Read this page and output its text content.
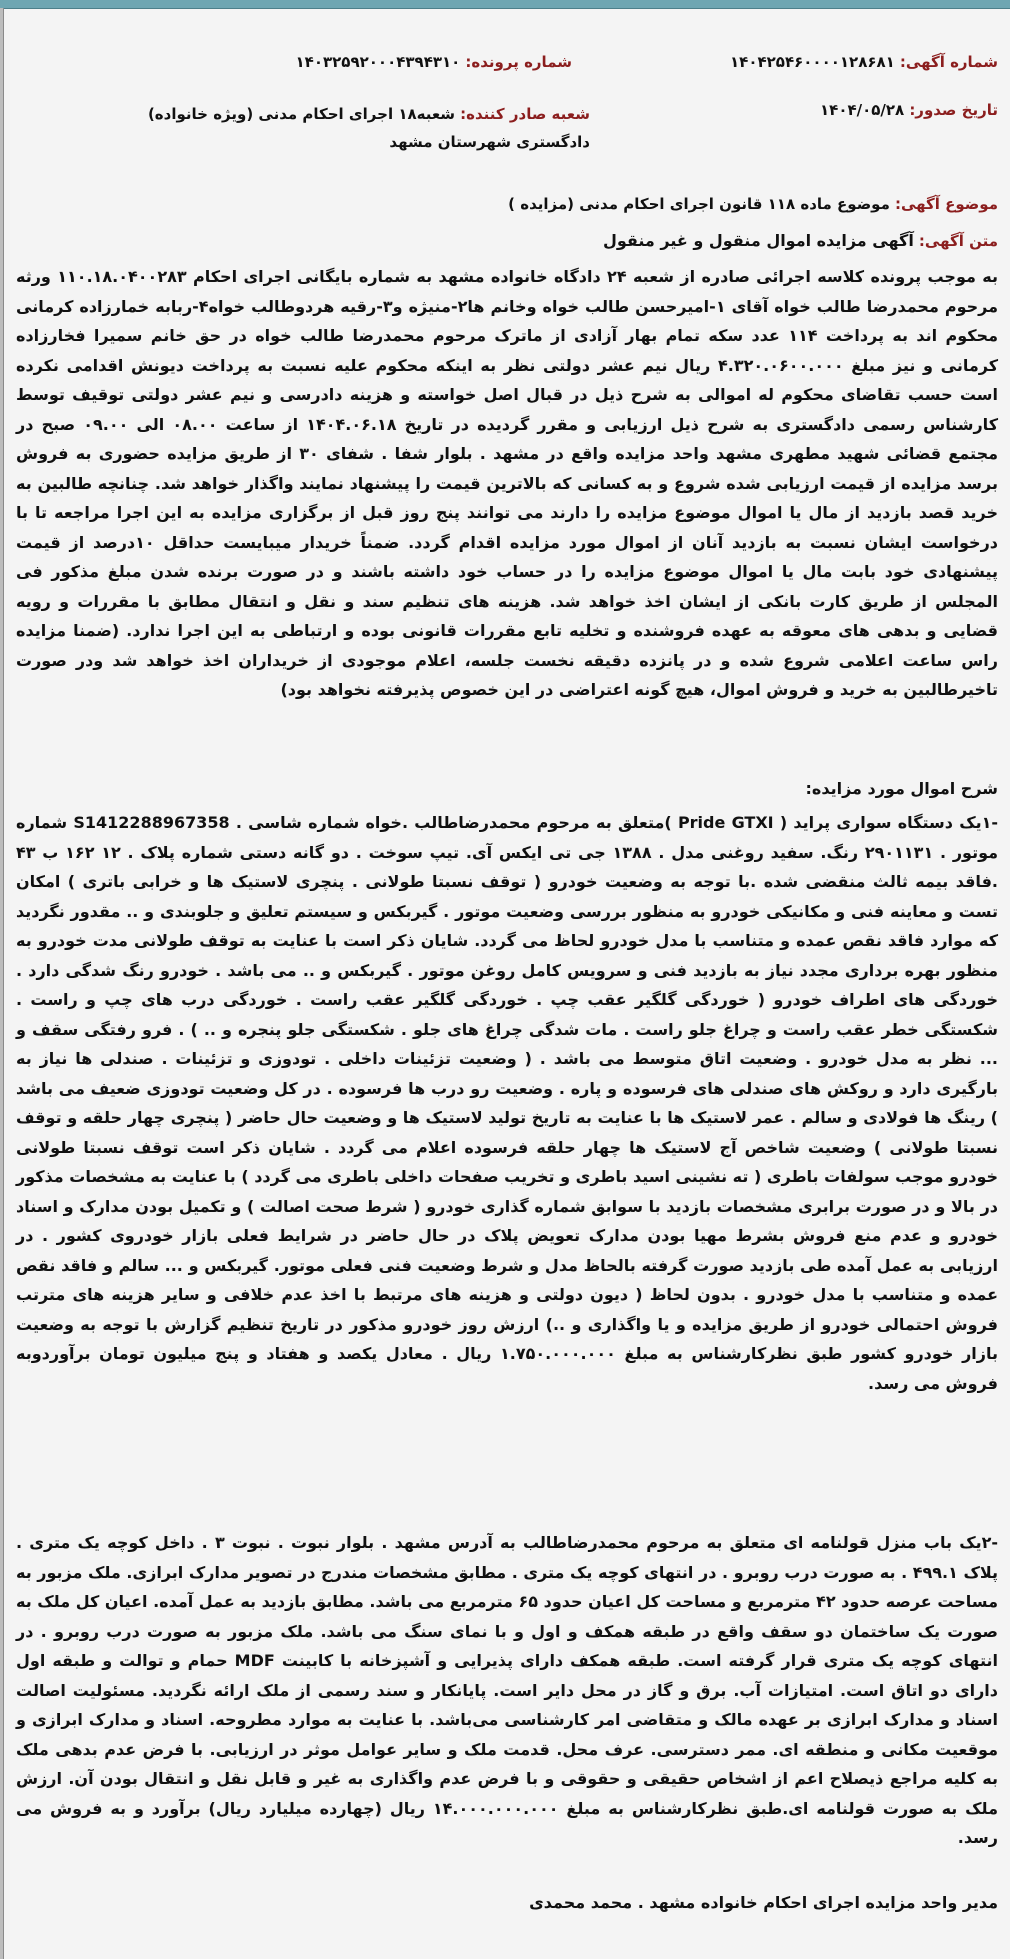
شماره آگهی: ۱۴۰۴۲۵۴۶۰۰۰۰۱۲۸۶۸۱
شماره پرونده: ۱۴۰۳۲۵۹۲۰۰۰۴۳۹۴۳۱۰
تاریخ صدور: ۱۴۰۴/۰۵/۲۸
شعبه صادر کننده: شعبه۱۸ اجرای احکام مدنی (ویژه خانواده) دادگستری شهرستان مشهد
موضوع آگهی: موضوع ماده ۱۱۸ قانون اجرای احکام مدنی (مزایده )
متن آگهی: آگهی مزایده اموال منقول و غیر منقول
به موجب پرونده کلاسه اجرائی صادره از شعبه ۲۴ دادگاه خانواده مشهد به شماره بایگانی اجرای احکام ۱۱۰.۱۸.۰۴۰۰۲۸۳ ورثه مرحوم محمدرضا طالب خواه آقای ۱-امیرحسن طالب خواه وخانم ها۲-منیژه و۳-رقیه هردوطالب خواه۴-ربابه خمارزاده کرمانی محکوم اند به پرداخت ۱۱۴ عدد سکه تمام بهار آزادی از ماترک مرحوم محمدرضا طالب خواه در حق خانم سمیرا فخارزاده کرمانی و نیز مبلغ ۴.۳۲۰.۰۶۰۰.۰۰۰ ریال نیم عشر دولتی نظر به اینکه محکوم علیه نسبت به پرداخت دیونش اقدامی نکرده است حسب تقاضای محکوم له اموالی به شرح ذیل در قبال اصل خواسته و هزینه دادرسی و نیم عشر دولتی توقیف توسط کارشناس رسمی دادگستری به شرح ذیل ارزیابی و مقرر گردیده در تاریخ ۱۴۰۴.۰۶.۱۸ از ساعت ۰۸.۰۰ الی ۰۹.۰۰ صبح در مجتمع قضائی شهید مطهری مشهد واحد مزایده واقع در مشهد . بلوار شفا . شفای ۳۰ از طریق مزایده حضوری به فروش برسد مزایده از قیمت ارزیابی شده شروع و به کسانی که بالاترین قیمت را پیشنهاد نمایند واگذار خواهد شد. چنانچه طالبین به خرید قصد بازدید از مال یا اموال موضوع مزایده را دارند می توانند پنج روز قبل از برگزاری مزایده به این اجرا مراجعه تا با درخواست ایشان نسبت به بازدید آنان از اموال مورد مزایده اقدام گردد. ضمناً خریدار میبایست حداقل ۱۰درصد از قیمت پیشنهادی خود بابت مال یا اموال موضوع مزایده را در حساب خود داشته باشند و در صورت برنده شدن مبلغ مذکور فی المجلس از طریق کارت بانکی از ایشان اخذ خواهد شد. هزینه های تنظیم سند و نقل و انتقال مطابق با مقررات و رویه قضایی و بدهی های معوقه به عهده فروشنده و تخلیه تابع مقررات قانونی بوده و ارتباطی به این اجرا ندارد. (ضمنا مزایده راس ساعت اعلامی شروع شده و در پانزده دقیقه نخست جلسه، اعلام موجودی از خریداران اخذ خواهد شد ودر صورت تاخیرطالبین به خرید و فروش اموال، هیچ گونه اعتراضی در این خصوص پذیرفته نخواهد بود)
شرح اموال مورد مزایده:
-۱یک دستگاه سواری پراید ( Pride GTXI )متعلق به مرحوم محمدرضاطالب .خواه شماره شاسی . S1412288967358 شماره موتور . ۲۹۰۱۱۳۱ رنگ. سفید روغنی مدل . ۱۳۸۸ جی تی ایکس آی. تیپ سوخت . دو گانه دستی شماره پلاک . ۱۲ ۱۶۲ ب ۴۳ .فاقد بیمه ثالث منقضی شده .با توجه به وضعیت خودرو ( توقف نسبتا طولانی . پنچری لاستیک ها و خرابی باتری ) امکان تست و معاینه فنی و مکانیکی خودرو به منظور بررسی وضعیت موتور . گیربکس و سیستم تعلیق و جلوبندی و .. مقدور نگردید که موارد فاقد نقص عمده و متناسب با مدل خودرو لحاظ می گردد. شایان ذکر است با عنایت به توقف طولانی مدت خودرو به منظور بهره برداری مجدد نیاز به بازدید فنی و سرویس کامل روغن موتور . گیربکس و .. می باشد . خودرو رنگ شدگی دارد . خوردگی های اطراف خودرو ( خوردگی گلگیر عقب چپ . خوردگی گلگیر عقب راست . خوردگی درب های چپ و راست . شکستگی خطر عقب راست و چراغ جلو راست . مات شدگی چراغ های جلو . شکستگی جلو پنجره و .. ) . فرو رفتگی سقف و ... نظر به مدل خودرو . وضعیت اتاق متوسط می باشد . ( وضعیت تزئینات داخلی . تودوزی و تزئینات . صندلی ها نیاز به بارگیری دارد و روکش های صندلی های فرسوده و پاره . وضعیت رو درب ها فرسوده . در کل وضعیت تودوزی ضعیف می باشد ) رینگ ها فولادی و سالم . عمر لاستیک ها با عنایت به تاریخ تولید لاستیک ها و وضعیت حال حاضر ( پنچری چهار حلقه و توقف نسبتا طولانی ) وضعیت شاخص آج لاستیک ها چهار حلقه فرسوده اعلام می گردد . شایان ذکر است توقف نسبتا طولانی خودرو موجب سولفات باطری ( ته نشینی اسید باطری و تخریب صفحات داخلی باطری می گردد ) با عنایت به مشخصات مذکور در بالا و در صورت برابری مشخصات بازدید با سوابق شماره گذاری خودرو ( شرط صحت اصالت ) و تکمیل بودن مدارک و اسناد خودرو و عدم منع فروش بشرط مهیا بودن مدارک تعویض پلاک در حال حاضر در شرایط فعلی بازار خودروی کشور . در ارزیابی به عمل آمده طی بازدید صورت گرفته بالحاظ مدل و شرط وضعیت فنی فعلی موتور. گیربکس و ... سالم و فاقد نقص عمده و متناسب با مدل خودرو . بدون لحاظ ( دیون دولتی و هزینه های مرتبط با اخذ عدم خلافی و سایر هزینه های مترتب فروش احتمالی خودرو از طریق مزایده و یا واگذاری و ..) ارزش روز خودرو مذکور در تاریخ تنظیم گزارش با توجه به وضعیت بازار خودرو کشور طبق نظرکارشناس به مبلغ ۱.۷۵۰.۰۰۰.۰۰۰ ریال . معادل یکصد و هفتاد و پنج میلیون تومان برآوردوبه فروش می رسد.
-۲یک باب منزل قولنامه ای متعلق به مرحوم محمدرضاطالب به آدرس مشهد . بلوار نبوت . نبوت ۳ . داخل کوچه یک متری . پلاک ۴۹۹.۱ . به صورت درب روبرو . در انتهای کوچه یک متری . مطابق مشخصات مندرج در تصویر مدارک ابرازی. ملک مزبور به مساحت عرصه حدود ۴۲ مترمربع و مساحت کل اعیان حدود ۶۵ مترمربع می باشد. مطابق بازدید به عمل آمده. اعیان کل ملک به صورت یک ساختمان دو سقف واقع در طبقه همکف و اول و با نمای سنگ می باشد. ملک مزبور به صورت درب روبرو . در انتهای کوچه یک متری قرار گرفته است. طبقه همکف دارای پذیرایی و آشپزخانه با کابینت MDF حمام و توالت و طبقه اول دارای دو اتاق است. امتیازات آب. برق و گاز در محل دایر است. پایانکار و سند رسمی از ملک ارائه نگردید. مسئولیت اصالت اسناد و مدارک ابرازی بر عهده مالک و متقاضی امر کارشناسی می‌باشد. با عنایت به موارد مطروحه. اسناد و مدارک ابرازی و موقعیت مکانی و منطقه ای. ممر دسترسی. عرف محل. قدمت ملک و سایر عوامل موثر در ارزیابی. با فرض عدم بدهی ملک به کلیه مراجع ذیصلاح اعم از اشخاص حقیقی و حقوقی و با فرض عدم واگذاری به غیر و قابل نقل و انتقال بودن آن. ارزش ملک به صورت قولنامه ای.طبق نظرکارشناس به مبلغ ۱۴.۰۰۰.۰۰۰.۰۰۰ ریال (چهارده میلیارد ریال) برآورد و به فروش می رسد.
مدیر واحد مزایده اجرای احکام خانواده مشهد . محمد محمدی
